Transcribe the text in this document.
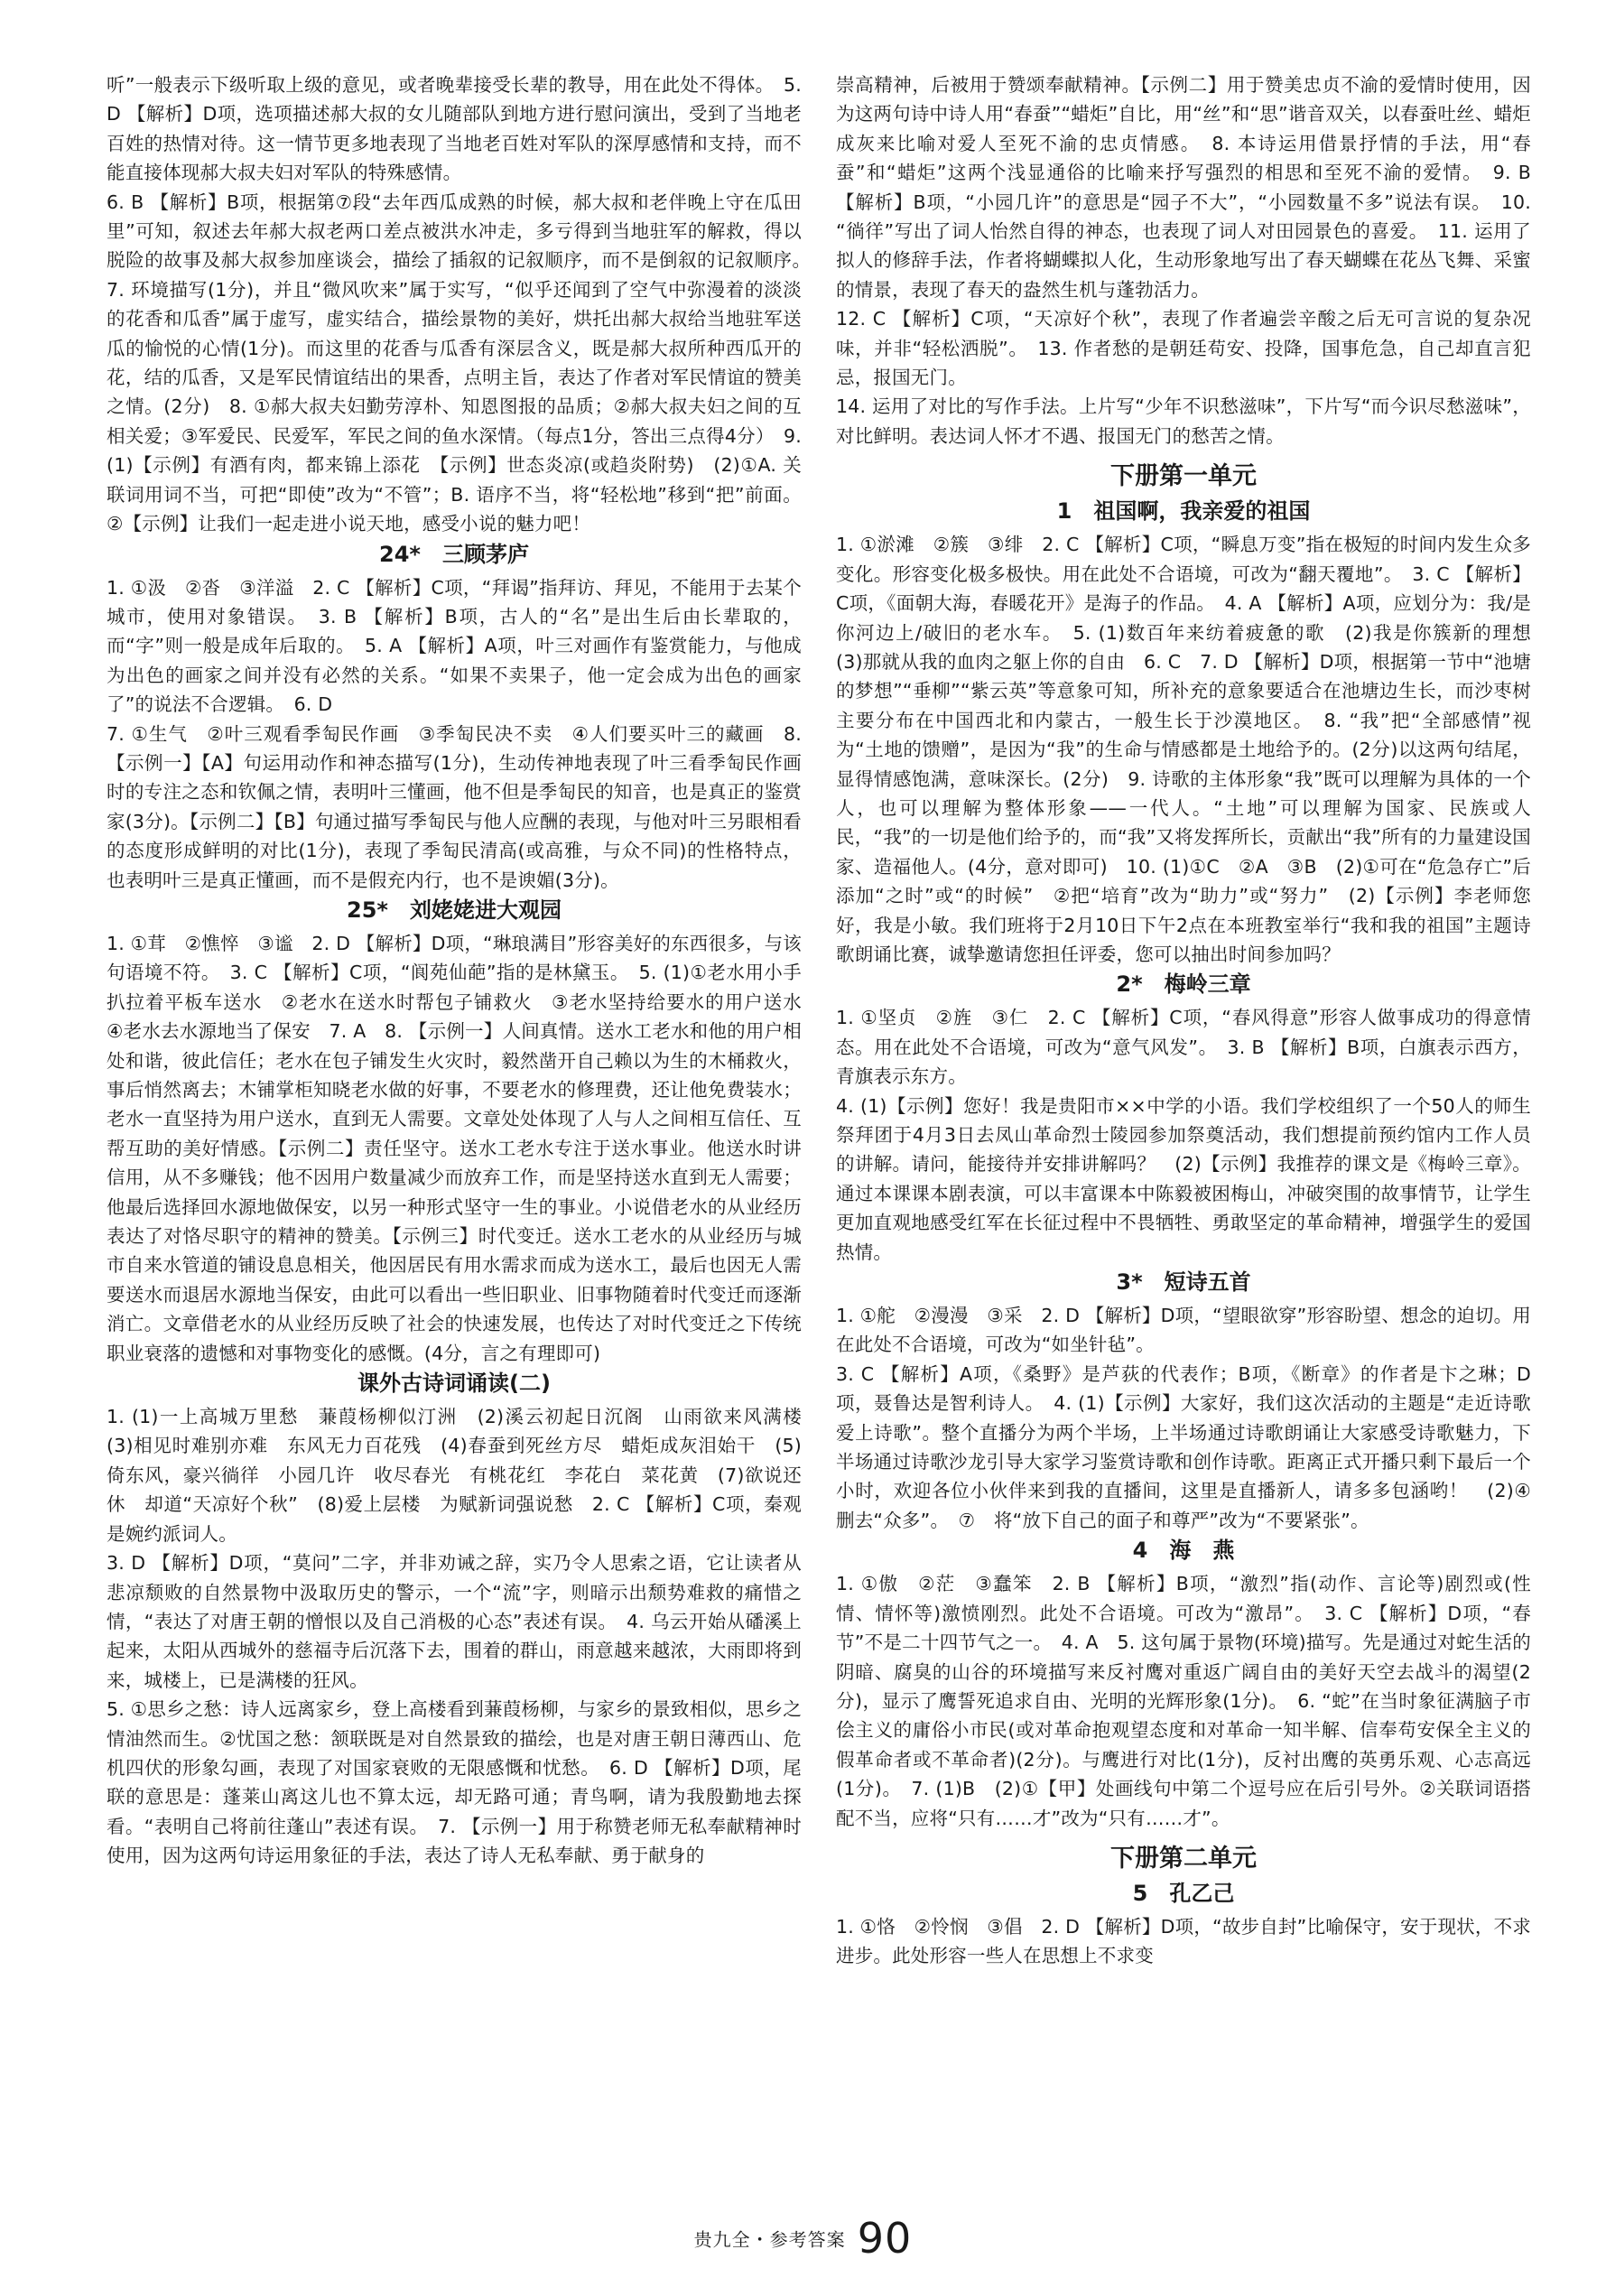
听”一般表示下级听取上级的意见，或者晚辈接受长辈的教导，用在此处不得体。　5. D 【解析】D项，选项描述郝大叔的女儿随部队到地方进行慰问演出，受到了当地老百姓的热情对待。这一情节更多地表现了当地老百姓对军队的深厚感情和支持，而不能直接体现郝大叔夫妇对军队的特殊感情。

6. B 【解析】B项，根据第⑦段“去年西瓜成熟的时候，郝大叔和老伴晚上守在瓜田里”可知，叙述去年郝大叔老两口差点被洪水冲走，多亏得到当地驻军的解救，得以脱险的故事及郝大叔参加座谈会，描绘了插叙的记叙顺序，而不是倒叙的记叙顺序。　7. 环境描写(1分)，并且“微风吹来”属于实写，“似乎还闻到了空气中弥漫着的淡淡的花香和瓜香”属于虚写，虚实结合，描绘景物的美好，烘托出郝大叔给当地驻军送瓜的愉悦的心情(1分)。而这里的花香与瓜香有深层含义，既是郝大叔所种西瓜开的花，结的瓜香，又是军民情谊结出的果香，点明主旨，表达了作者对军民情谊的赞美之情。(2分)　8. ①郝大叔夫妇勤劳淳朴、知恩图报的品质；②郝大叔夫妇之间的互相关爱；③军爱民、民爱军，军民之间的鱼水深情。（每点1分，答出三点得4分）　9. (1)【示例】有酒有肉，都来锦上添花　【示例】世态炎凉(或趋炎附势)　(2)①A. 关联词用词不当，可把“即使”改为“不管”；B. 语序不当，将“轻松地”移到“把”前面。②【示例】让我们一起走进小说天地，感受小说的魅力吧！

24*　三顾茅庐

1. ①汲　②沓　③洋溢　2. C 【解析】C项，“拜谒”指拜访、拜见，不能用于去某个城市，使用对象错误。　3. B 【解析】B项，古人的“名”是出生后由长辈取的，而“字”则一般是成年后取的。　5. A 【解析】A项，叶三对画作有鉴赏能力，与他成为出色的画家之间并没有必然的关系。“如果不卖果子，他一定会成为出色的画家了”的说法不合逻辑。　6. D

7. ①生气　②叶三观看季匋民作画　③季匋民决不卖　④人们要买叶三的藏画　8. 【示例一】【A】句运用动作和神态描写(1分)，生动传神地表现了叶三看季匋民作画时的专注之态和钦佩之情，表明叶三懂画，他不但是季匋民的知音，也是真正的鉴赏家(3分)。【示例二】【B】句通过描写季匋民与他人应酬的表现，与他对叶三另眼相看的态度形成鲜明的对比(1分)，表现了季匋民清高(或高雅，与众不同)的性格特点，也表明叶三是真正懂画，而不是假充内行，也不是谀媚(3分)。

25*　刘姥姥进大观园

1. ①茸　②憔悴　③谧　2. D 【解析】D项，“琳琅满目”形容美好的东西很多，与该句语境不符。　3. C 【解析】C项，“阆苑仙葩”指的是林黛玉。　5. (1)①老水用小手扒拉着平板车送水　②老水在送水时帮包子铺救火　③老水坚持给要水的用户送水　④老水去水源地当了保安　7. A　8. 【示例一】人间真情。送水工老水和他的用户相处和谐，彼此信任；老水在包子铺发生火灾时，毅然凿开自己赖以为生的木桶救火，事后悄然离去；木铺掌柜知晓老水做的好事，不要老水的修理费，还让他免费装水；老水一直坚持为用户送水，直到无人需要。文章处处体现了人与人之间相互信任、互帮互助的美好情感。【示例二】责任坚守。送水工老水专注于送水事业。他送水时讲信用，从不多赚钱；他不因用户数量减少而放弃工作，而是坚持送水直到无人需要；他最后选择回水源地做保安，以另一种形式坚守一生的事业。小说借老水的从业经历表达了对恪尽职守的精神的赞美。【示例三】时代变迁。送水工老水的从业经历与城市自来水管道的铺设息息相关，他因居民有用水需求而成为送水工，最后也因无人需要送水而退居水源地当保安，由此可以看出一些旧职业、旧事物随着时代变迁而逐渐消亡。文章借老水的从业经历反映了社会的快速发展，也传达了对时代变迁之下传统职业衰落的遗憾和对事物变化的感慨。(4分，言之有理即可)

课外古诗词诵读(二)

1. (1)一上高城万里愁　蒹葭杨柳似汀洲　(2)溪云初起日沉阁　山雨欲来风满楼　(3)相见时难别亦难　东风无力百花残　(4)春蚕到死丝方尽　蜡炬成灰泪始干　(5)倚东风，豪兴徜徉　小园几许　收尽春光　有桃花红　李花白　菜花黄　(7)欲说还休　却道“天凉好个秋”　(8)爱上层楼　为赋新词强说愁　2. C 【解析】C项，秦观是婉约派词人。

3. D 【解析】D项，“莫问”二字，并非劝诫之辞，实乃令人思索之语，它让读者从悲凉颓败的自然景物中汲取历史的警示，一个“流”字，则暗示出颓势难救的痛惜之情，“表达了对唐王朝的憎恨以及自己消极的心态”表述有误。　4. 乌云开始从磻溪上起来，太阳从西城外的慈福寺后沉落下去，围着的群山，雨意越来越浓，大雨即将到来，城楼上，已是满楼的狂风。

5. ①思乡之愁：诗人远离家乡，登上高楼看到蒹葭杨柳，与家乡的景致相似，思乡之情油然而生。②忧国之愁：颔联既是对自然景致的描绘，也是对唐王朝日薄西山、危机四伏的形象勾画，表现了对国家衰败的无限感慨和忧愁。　6. D 【解析】D项，尾联的意思是：蓬莱山离这儿也不算太远，却无路可通；青鸟啊，请为我殷勤地去探看。“表明自己将前往蓬山”表述有误。　7. 【示例一】用于称赞老师无私奉献精神时使用，因为这两句诗运用象征的手法，表达了诗人无私奉献、勇于献身的

崇高精神，后被用于赞颂奉献精神。【示例二】用于赞美忠贞不渝的爱情时使用，因为这两句诗中诗人用“春蚕”“蜡炬”自比，用“丝”和“思”谐音双关，以春蚕吐丝、蜡炬成灰来比喻对爱人至死不渝的忠贞情感。　8. 本诗运用借景抒情的手法，用“春蚕”和“蜡炬”这两个浅显通俗的比喻来抒写强烈的相思和至死不渝的爱情。　9. B 【解析】B项，“小园几许”的意思是“园子不大”，“小园数量不多”说法有误。　10. “徜徉”写出了词人怡然自得的神态，也表现了词人对田园景色的喜爱。　11. 运用了拟人的修辞手法，作者将蝴蝶拟人化，生动形象地写出了春天蝴蝶在花丛飞舞、采蜜的情景，表现了春天的盎然生机与蓬勃活力。

12. C 【解析】C项，“天凉好个秋”，表现了作者遍尝辛酸之后无可言说的复杂况味，并非“轻松洒脱”。　13. 作者愁的是朝廷苟安、投降，国事危急，自己却直言犯忌，报国无门。

14. 运用了对比的写作手法。上片写“少年不识愁滋味”，下片写“而今识尽愁滋味”，对比鲜明。表达词人怀才不遇、报国无门的愁苦之情。

下册第一单元
1　祖国啊，我亲爱的祖国

1. ①淤滩　②簇　③绯　2. C 【解析】C项，“瞬息万变”指在极短的时间内发生众多变化。形容变化极多极快。用在此处不合语境，可改为“翻天覆地”。　3. C 【解析】C项，《面朝大海，春暖花开》是海子的作品。　4. A 【解析】A项，应划分为：我/是你河边上/破旧的老水车。　5. (1)数百年来纺着疲惫的歌　(2)我是你簇新的理想　(3)那就从我的血肉之躯上你的自由　6. C　7. D 【解析】D项，根据第一节中“池塘的梦想”“垂柳”“紫云英”等意象可知，所补充的意象要适合在池塘边生长，而沙枣树主要分布在中国西北和内蒙古，一般生长于沙漠地区。　8. “我”把“全部感情”视为“土地的馈赠”，是因为“我”的生命与情感都是土地给予的。(2分)以这两句结尾，显得情感饱满，意味深长。(2分)　9. 诗歌的主体形象“我”既可以理解为具体的一个人，也可以理解为整体形象——一代人。“土地”可以理解为国家、民族或人民，“我”的一切是他们给予的，而“我”又将发挥所长，贡献出“我”所有的力量建设国家、造福他人。(4分，意对即可)　10. (1)①C　②A　③B　(2)①可在“危急存亡”后添加“之时”或“的时候”　②把“培育”改为“助力”或“努力”　(2)【示例】李老师您好，我是小敏。我们班将于2月10日下午2点在本班教室举行“我和我的祖国”主题诗歌朗诵比赛，诚挚邀请您担任评委，您可以抽出时间参加吗？

2*　梅岭三章

1. ①坚贞　②旌　③仁　2. C 【解析】C项，“春风得意”形容人做事成功的得意情态。用在此处不合语境，可改为“意气风发”。　3. B 【解析】B项，白旗表示西方，青旗表示东方。

4. (1)【示例】您好！我是贵阳市××中学的小语。我们学校组织了一个50人的师生祭拜团于4月3日去凤山革命烈士陵园参加祭奠活动，我们想提前预约馆内工作人员的讲解。请问，能接待并安排讲解吗？　(2)【示例】我推荐的课文是《梅岭三章》。通过本课课本剧表演，可以丰富课本中陈毅被困梅山，冲破突围的故事情节，让学生更加直观地感受红军在长征过程中不畏牺牲、勇敢坚定的革命精神，增强学生的爱国热情。

3*　短诗五首

1. ①舵　②漫漫　③采　2. D 【解析】D项，“望眼欲穿”形容盼望、想念的迫切。用在此处不合语境，可改为“如坐针毡”。

3. C 【解析】A项，《桑野》是芦荻的代表作；B项，《断章》的作者是卞之琳；D项，聂鲁达是智利诗人。　4. (1)【示例】大家好，我们这次活动的主题是“走近诗歌　爱上诗歌”。整个直播分为两个半场，上半场通过诗歌朗诵让大家感受诗歌魅力，下半场通过诗歌沙龙引导大家学习鉴赏诗歌和创作诗歌。距离正式开播只剩下最后一个小时，欢迎各位小伙伴来到我的直播间，这里是直播新人，请多多包涵哟！　(2)④　删去“众多”。　⑦　将“放下自己的面子和尊严”改为“不要紧张”。

4　海　燕

1. ①傲　②茫　③蠢笨　2. B 【解析】B项，“激烈”指(动作、言论等)剧烈或(性情、情怀等)激愤刚烈。此处不合语境。可改为“激昂”。　3. C 【解析】D项，“春节”不是二十四节气之一。　4. A　5. 这句属于景物(环境)描写。先是通过对蛇生活的阴暗、腐臭的山谷的环境描写来反衬鹰对重返广阔自由的美好天空去战斗的渴望(2分)，显示了鹰誓死追求自由、光明的光辉形象(1分)。　6. “蛇”在当时象征满脑子市侩主义的庸俗小市民(或对革命抱观望态度和对革命一知半解、信奉苟安保全主义的假革命者或不革命者)(2分)。与鹰进行对比(1分)，反衬出鹰的英勇乐观、心志高远(1分)。　7. (1)B　(2)①【甲】处画线句中第二个逗号应在后引号外。②关联词语搭配不当，应将“只有……才”改为“只有……才”。

下册第二单元
5　孔乙己

1. ①恪　②怜悯　③倡　2. D 【解析】D项，“故步自封”比喻保守，安于现状，不求进步。此处形容一些人在思想上不求变

贵九全・参考答案 90
